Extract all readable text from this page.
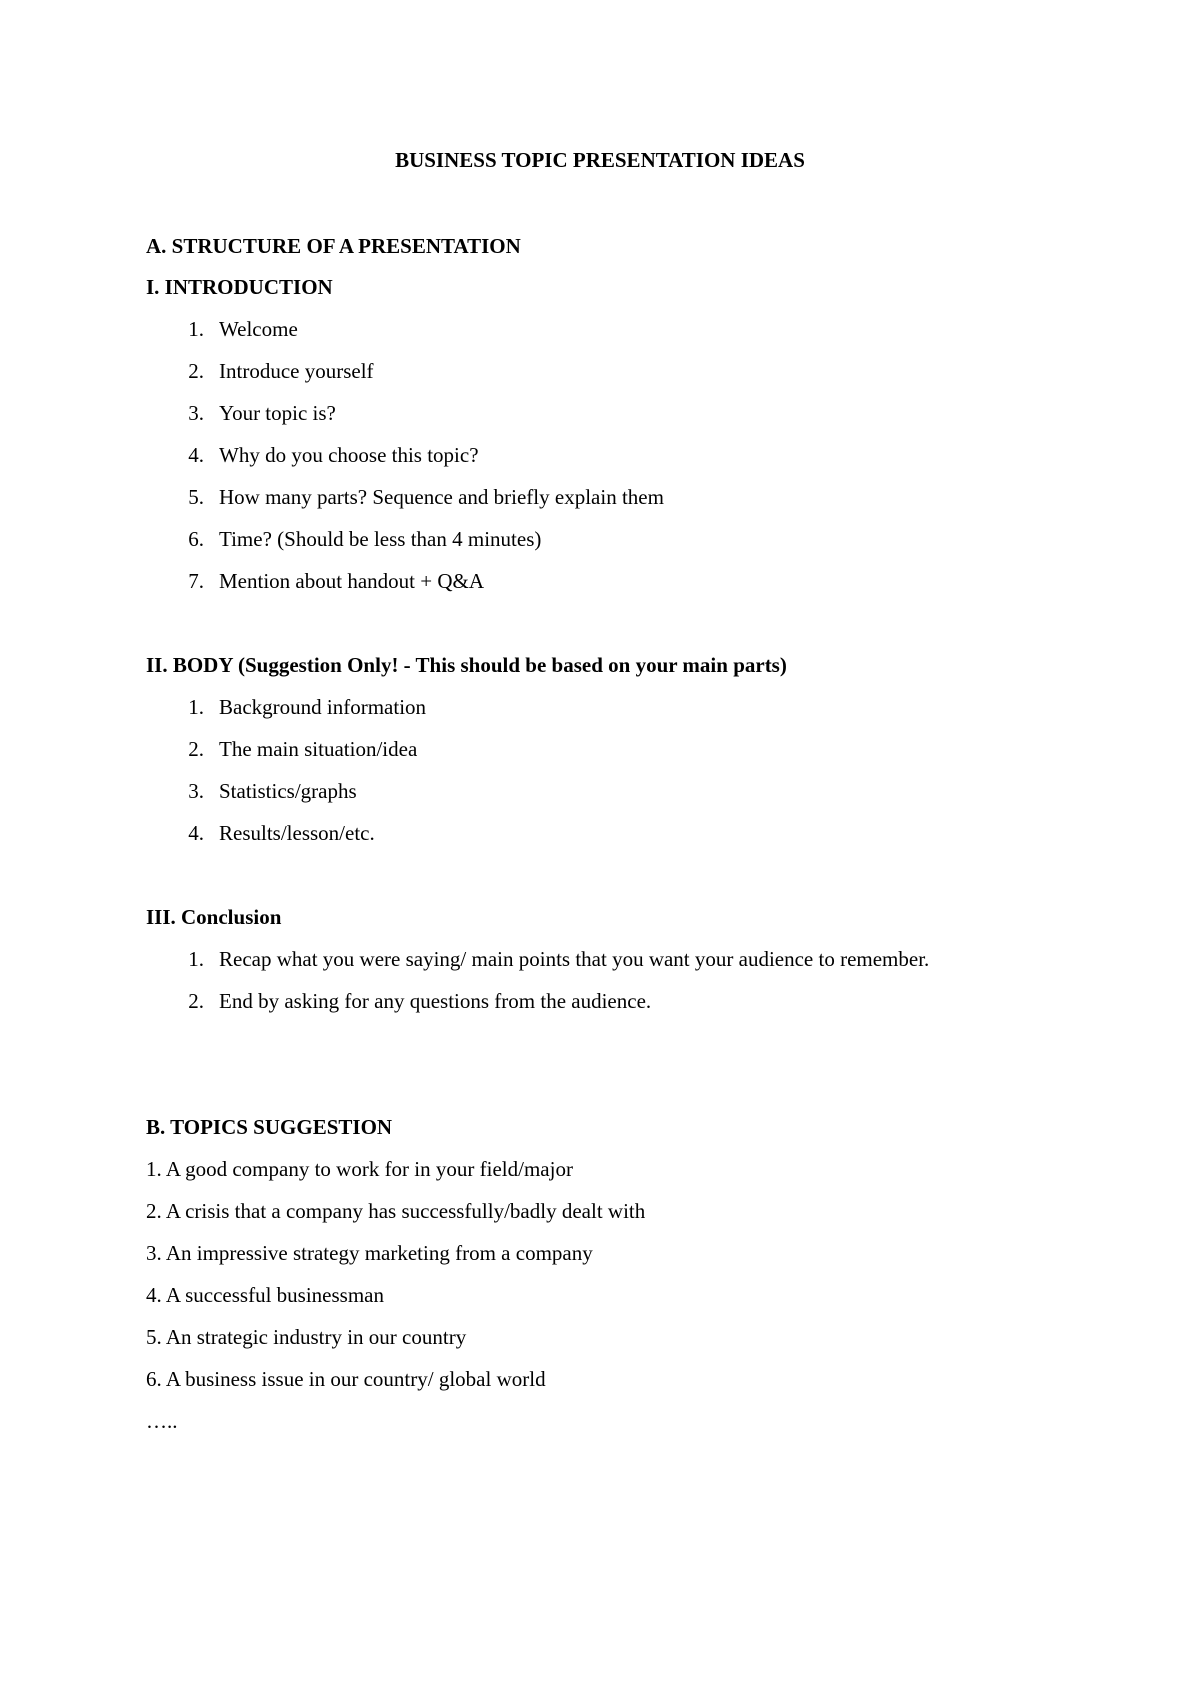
BUSINESS TOPIC PRESENTATION IDEAS
A. STRUCTURE OF A PRESENTATION
I. INTRODUCTION
1. Welcome
2. Introduce yourself
3. Your topic is?
4. Why do you choose this topic?
5. How many parts? Sequence and briefly explain them
6. Time? (Should be less than 4 minutes)
7. Mention about handout + Q&A
II. BODY (Suggestion Only! - This should be based on your main parts)
1. Background information
2. The main situation/idea
3. Statistics/graphs
4. Results/lesson/etc.
III. Conclusion
1. Recap what you were saying/ main points that you want your audience to remember.
2. End by asking for any questions from the audience.
B. TOPICS SUGGESTION
1. A good company to work for in your field/major
2. A crisis that a company has successfully/badly dealt with
3. An impressive strategy marketing from a company
4. A successful businessman
5. An strategic industry in our country
6. A business issue in our country/ global world
…..
